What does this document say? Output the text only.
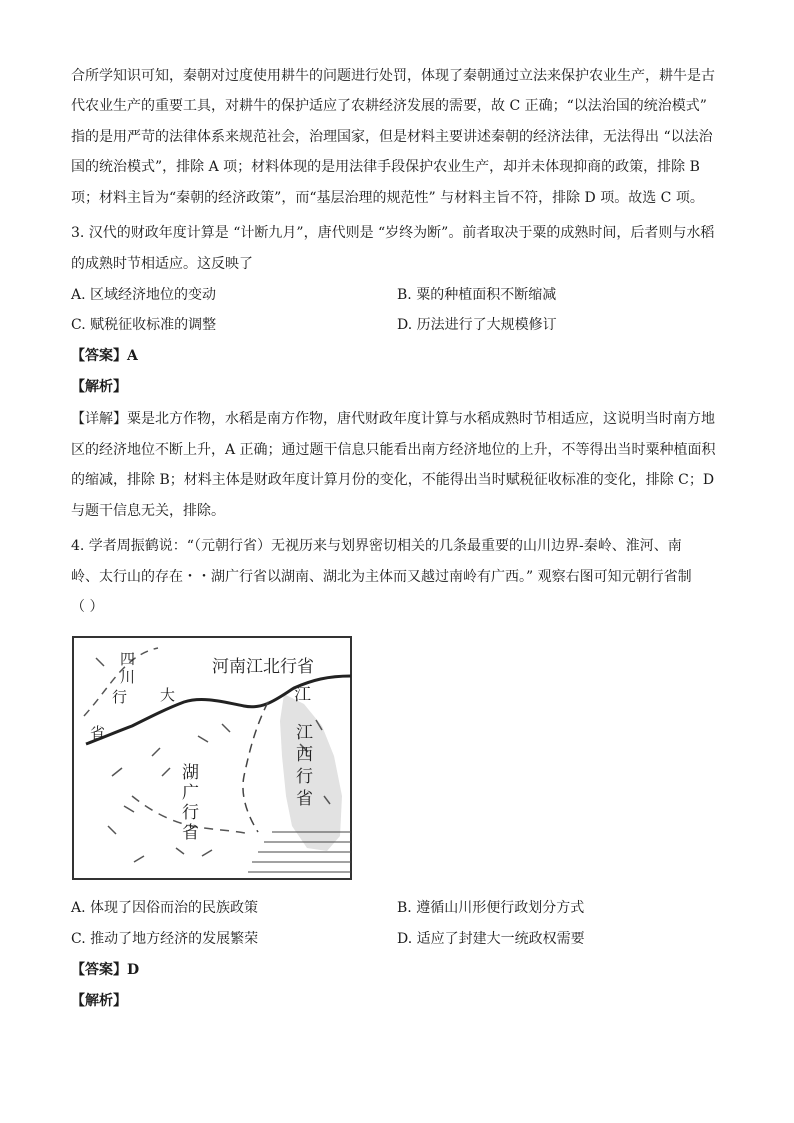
合所学知识可知，秦朝对过度使用耕牛的问题进行处罚，体现了秦朝通过立法来保护农业生产，耕牛是古
代农业生产的重要工具，对耕牛的保护适应了农耕经济发展的需要，故 C 正确；“以法治国的统治模式”
指的是用严苛的法律体系来规范社会，治理国家，但是材料主要讲述秦朝的经济法律，无法得出 “以法治
国的统治模式”，排除 A 项；材料体现的是用法律手段保护农业生产，却并未体现抑商的政策，排除 B
项；材料主旨为“秦朝的经济政策”，而“基层治理的规范性” 与材料主旨不符，排除 D 项。故选 C 项。
3. 汉代的财政年度计算是 “计断九月”，唐代则是 “岁终为断”。前者取决于粟的成熟时间，后者则与水稻
的成熟时节相适应。这反映了
A. 区域经济地位的变动	B. 粟的种植面积不断缩减
C. 赋税征收标准的调整	D. 历法进行了大规模修订
【答案】A
【解析】
【详解】粟是北方作物，水稻是南方作物，唐代财政年度计算与水稻成熟时节相适应，这说明当时南方地
区的经济地位不断上升，A 正确；通过题干信息只能看出南方经济地位的上升，不等得出当时粟种植面积
的缩减，排除 B；材料主体是财政年度计算月份的变化，不能得出当时赋税征收标准的变化，排除 C；D
与题干信息无关，排除。
4. 学者周振鹤说：“（元朝行省）无视历来与划界密切相关的几条最重要的山川边界-秦岭、淮河、南
岭、太行山的存在・・湖广行省以湖南、湖北为主体而又越过南岭有广西。” 观察右图可知元朝行省制
（ ）
河南江北行省
江
大
四
川
行
省
湖
广
行
省
江
西
行
省
A. 体现了因俗而治的民族政策	B. 遵循山川形便行政划分方式
C. 推动了地方经济的发展繁荣	D. 适应了封建大一统政权需要
【答案】D
【解析】
